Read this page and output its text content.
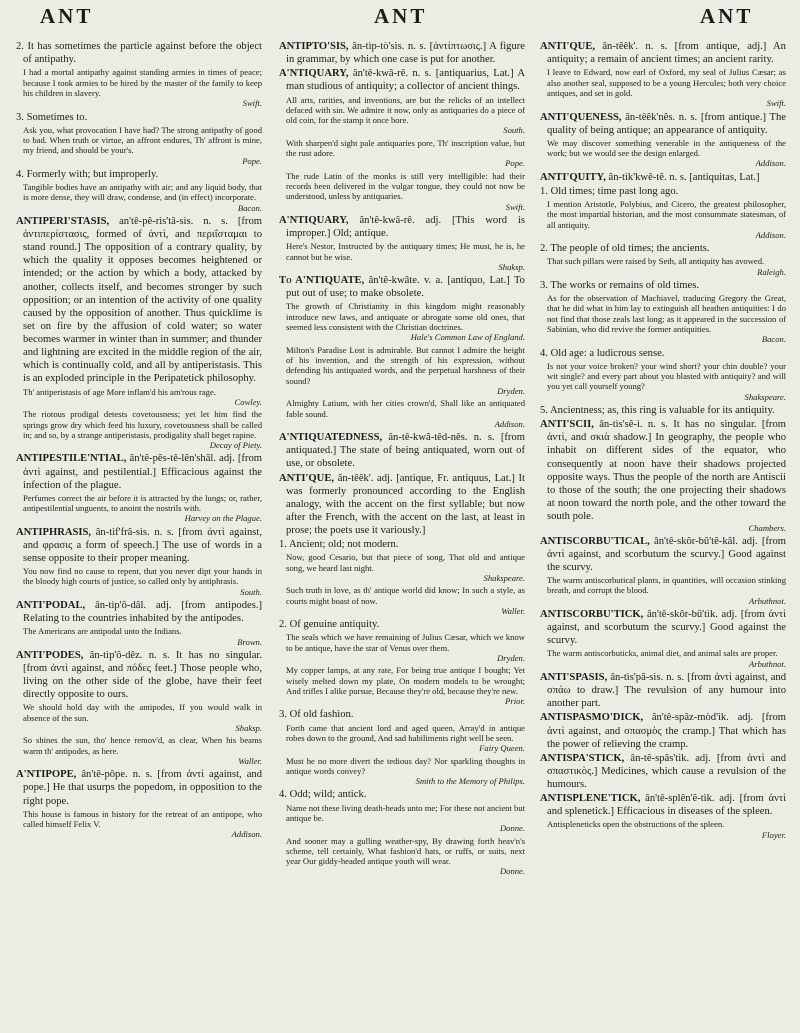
ANT	ANT	ANT

2. It has sometimes the particle against before the object of antipathy.

I had a mortal antipathy against standing armies in times of peace; because I took armies to be hired by the master of the family to keep his children in slavery.
Swift.

3. Sometimes to.

Ask you, what provocation I have had? The strong antipathy of good to bad. When truth or virtue, an affront endures, Th' affront is mine, my friend, and should be your's.
Pope.

4. Formerly with; but improperly.

Tangible bodies have an antipathy with air; and any liquid body, that is more dense, they will draw, condense, and (in effect) incorporate.
Bacon.

ANTIPERI'STASIS, an'tê-pê-rìs'tâ-sìs. n. s. [from ἀντιπερίστασις, formed of ἀντὶ, and περιΐσταμαι to stand round.] The opposition of a contrary quality, by which the quality it opposes becomes heightened or intended; or the action by which a body, attacked by another, collects itself, and becomes stronger by such opposition; or an intention of the activity of one quality caused by the opposition of another. Thus quicklime is set on fire by the affusion of cold water; so water becomes warmer in winter than in summer; and thunder and lightning are excited in the middle region of the air, which is continually cold, and all by antiperistasis. This is an exploded principle in the Peripatetick philosophy.

Th' antiperistasis of age More inflam'd his am'rous rage.
Cowley.

The riotous prodigal detests covetousness; yet let him find the springs grow dry which feed his luxury, covetousness shall be called in; and so, by a strange antiperistasis, prodigality shall beget rapine.
Decay of Piety.

ANTIPESTILE'NTIAL, ân'tê-pês-tê-lên'shâl. adj. [from ἀντὶ against, and pestilential.] Efficacious against the infection of the plague.

Perfumes correct the air before it is attracted by the lungs; or, rather, antipestilential unguents, to anoint the nostrils with.
Harvey on the Plague.

ANTIPHRASIS, ân-tìf'frâ-sìs. n. s. [from ἀντὶ against, and φρασις a form of speech.] The use of words in a sense opposite to their proper meaning.

You now find no cause to repent, that you never dipt your hands in the bloody high courts of justice, so called only by antiphrasis.
South.

ANTI'PODAL, ân-tìp'ô-dâl. adj. [from antipodes.] Relating to the countries inhabited by the antipodes.

The Americans are antipodal unto the Indians.
Brown.

ANTI'PODES, ân-tìp'ô-dêz. n. s. It has no singular. [from ἀντὶ against, and πόδες feet.] Those people who, living on the other side of the globe, have their feet directly opposite to ours.

We should hold day with the antipodes, If you would walk in absence of the sun.
Shaksp.

So shines the sun, tho' hence remov'd, as clear, When his beams warm th' antipodes, as here.
Waller.

A'NTIPOPE, ân'tê-pôpe. n. s. [from ἀντὶ against, and pope.] He that usurps the popedom, in opposition to the right pope.

This house is famous in history for the retreat of an antipope, who called himself Felix V.
Addison.

ANTIPTO'SIS, ân-tìp-tò'sìs. n. s. [ἀντίπτωσις.] A figure in grammar, by which one case is put for another.

A'NTIQUARY, ân'tê-kwâ-rê. n. s. [antiquarius, Lat.] A man studious of antiquity; a collector of ancient things.

All arts, rarities, and inventions, are but the relicks of an intellect defaced with sin. We admire it now, only as antiquaries do a piece of old coin, for the stamp it once bore.
South.

With sharpen'd sight pale antiquaries pore, Th' inscription value, but the rust adore.
Pope.

The rude Latin of the monks is still very intelligible: had their records been delivered in the vulgar tongue, they could not now be understood, unless by antiquaries.
Swift.

A'NTIQUARY, ân'tê-kwâ-rê. adj. [This word is improper.] Old; antique.

Here's Nestor, Instructed by the antiquary times; He must, he is, he cannot but be wise.
Shaksp.

To A'NTIQUATE, ân'tê-kwâte. v. a. [antiquo, Lat.] To put out of use; to make obsolete.

The growth of Christianity in this kingdom might reasonably introduce new laws, and antiquate or abrogate some old ones, that seemed less consistent with the Christian doctrines.
Hale's Common Law of England.

Milton's Paradise Lost is admirable. But cannot I admire the height of his invention, and the strength of his expression, without defending his antiquated words, and the perpetual harshness of their sound?
Dryden.

Almighty Latium, with her cities crown'd, Shall like an antiquated fable sound.
Addison.

A'NTIQUATEDNESS, ân-tê-kwâ-têd-nês. n. s. [from antiquated.] The state of being antiquated, worn out of use, or obsolete.

ANTI'QUE, ân-têêk'. adj. [antique, Fr. antiquus, Lat.] It was formerly pronounced according to the English analogy, with the accent on the first syllable; but now after the French, with the accent on the last, at least in prose; the poets use it variously.]

1. Ancient; old; not modern.

Now, good Cesario, but that piece of song, That old and antique song, we heard last night.
Shakspeare.

Such truth in love, as th' antique world did know; In such a style, as courts might boast of now.
Waller.

2. Of genuine antiquity.

The seals which we have remaining of Julius Cæsar, which we know to be antique, have the star of Venus over them.
Dryden.

My copper lamps, at any rate, For being true antique I bought; Yet wisely melted down my plate, On modern models to be wrought; And trifles I alike pursue, Because they're old, because they're new.
Prior.

3. Of old fashion.

Forth came that ancient lord and aged queen, Array'd in antique robes down to the ground, And sad habiliments right well be seen.
Fairy Queen.

Must he no more divert the tedious day? Nor sparkling thoughts in antique words convey?
Smith to the Memory of Philips.

4. Odd; wild; antick.

Name not these living death-heads unto me; For these not ancient but antique be.
Donne.

And sooner may a gulling weather-spy, By drawing forth heav'n's scheme, tell certainly, What fashion'd hats, or ruffs, or suits, next year Our giddy-headed antique youth will wear.
Donne.

ANTI'QUE, ân-têêk'. n. s. [from antique, adj.] An antiquity; a remain of ancient times; an ancient rarity.

I leave to Edward, now earl of Oxford, my seal of Julius Cæsar; as also another seal, supposed to be a young Hercules; both very choice antiques, and set in gold.
Swift.

ANTI'QUENESS, ân-têêk'nês. n. s. [from antique.] The quality of being antique; an appearance of antiquity.

We may discover something venerable in the antiqueness of the work; but we would see the design enlarged.
Addison.

ANTI'QUITY, ân-tìk'kwê-tê. n. s. [antiquitas, Lat.]

1. Old times; time past long ago.

I mention Aristotle, Polybius, and Cicero, the greatest philosopher, the most impartial historian, and the most consummate statesman, of all antiquity.
Addison.

2. The people of old times; the ancients.

That such pillars were raised by Seth, all antiquity has avowed.
Raleigh.

3. The works or remains of old times.

As for the observation of Machiavel, traducing Gregory the Great, that he did what in him lay to extinguish all heathen antiquities: I do not find that those zeals last long; as it appeared in the succession of Sabinian, who did revive the former antiquities.
Bacon.

4. Old age: a ludicrous sense.

Is not your voice broken? your wind short? your chin double? your wit single? and every part about you blasted with antiquity? and will you yet call yourself young?
Shakspeare.

5. Ancientness; as, this ring is valuable for its antiquity.

ANTI'SCII, ân-tìs'sê-ì. n. s. It has no singular. [from ἀντὶ, and σκιὰ shadow.] In geography, the people who inhabit on different sides of the equator, who consequently at noon have their shadows projected opposite ways. Thus the people of the north are Antiscii to those of the south; the one projecting their shadows at noon toward the north pole, and the other toward the south pole.
Chambers.

ANTISCORBU'TICAL, ân'tê-skôr-bû'tê-kâl. adj. [from ἀντὶ against, and scorbutum the scurvy.] Good against the scurvy.

The warm antiscorbutical plants, in quantities, will occasion stinking breath, and corrupt the blood.
Arbuthnot.

ANTISCORBU'TICK, ân'tê-skôr-bû'tìk. adj. [from ἀντὶ against, and scorbutum the scurvy.] Good against the scurvy.

The warm antiscorbuticks, animal diet, and animal salts are proper.
Arbuthnot.

ANTI'SPASIS, ân-tìs'pâ-sìs. n. s. [from ἀντὶ against, and σπάω to draw.] The revulsion of any humour into another part.

ANTISPASMO'DICK, ân'tê-spâz-mòd'ìk. adj. [from ἀντὶ against, and σπασμὸς the cramp.] That which has the power of relieving the cramp.

ANTISPA'STICK, ân-tê-spâs'tìk. adj. [from ἀντὶ and σπαστικὸς.] Medicines, which cause a revulsion of the humours.

ANTISPLENE'TICK, ân'tê-splên'ê-tìk. adj. [from ἀντὶ and splenetick.] Efficacious in diseases of the spleen.

Antispleneticks open the obstructions of the spleen.
Floyer.
